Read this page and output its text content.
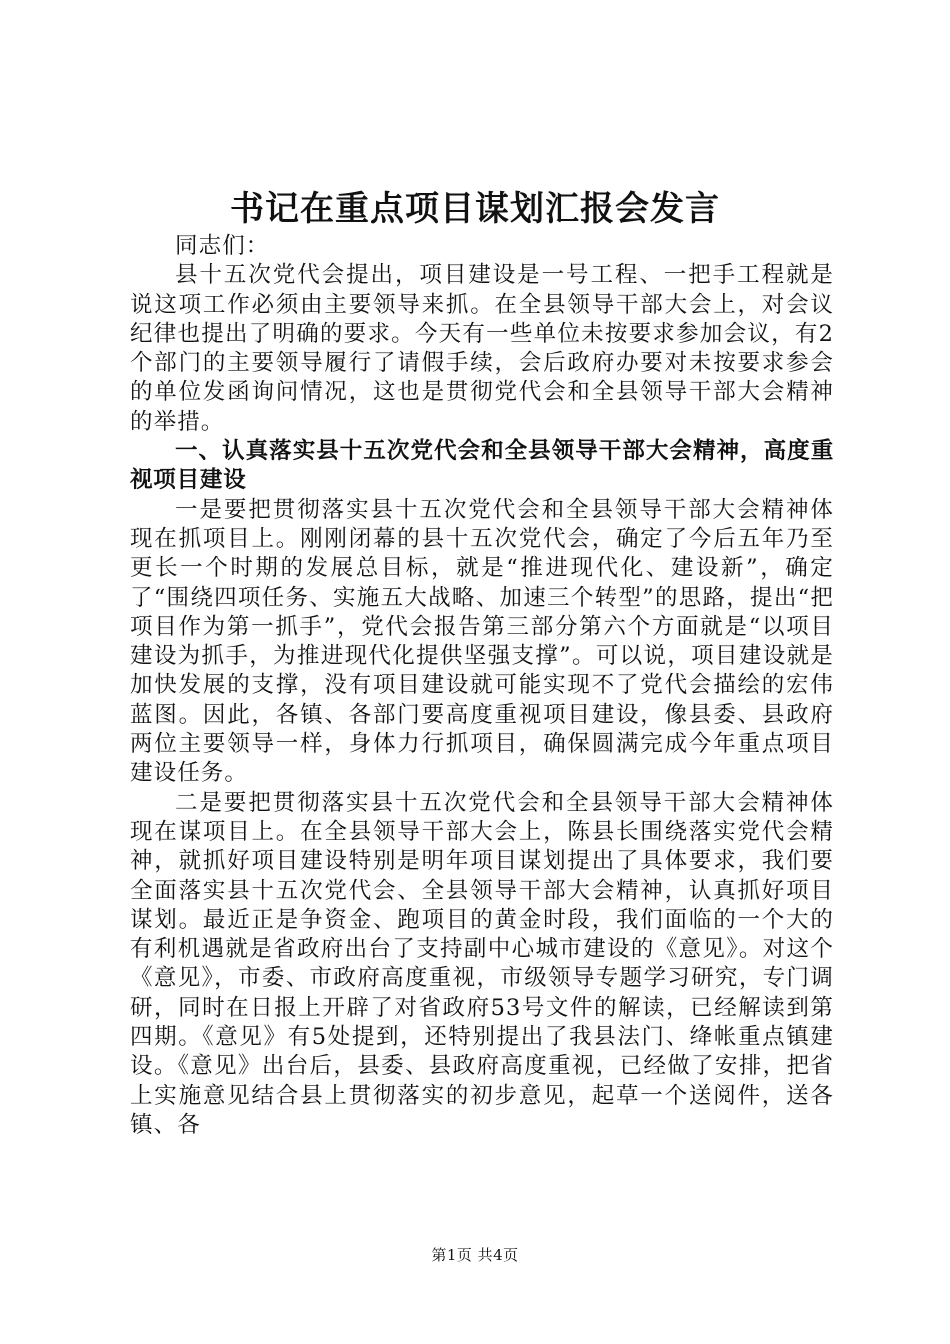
书记在重点项目谋划汇报会发言

同志们：

县十五次党代会提出，项目建设是一号工程、一把手工程就是说这项工作必须由主要领导来抓。在全县领导干部大会上，对会议纪律也提出了明确的要求。今天有一些单位未按要求参加会议，有2个部门的主要领导履行了请假手续，会后政府办要对未按要求参会的单位发函询问情况，这也是贯彻党代会和全县领导干部大会精神的举措。

一、认真落实县十五次党代会和全县领导干部大会精神，高度重视项目建设

一是要把贯彻落实县十五次党代会和全县领导干部大会精神体现在抓项目上。刚刚闭幕的县十五次党代会，确定了今后五年乃至更长一个时期的发展总目标，就是“推进现代化、建设新”，确定了“围绕四项任务、实施五大战略、加速三个转型”的思路，提出“把项目作为第一抓手”，党代会报告第三部分第六个方面就是“以项目建设为抓手，为推进现代化提供坚强支撑”。可以说，项目建设就是加快发展的支撑，没有项目建设就可能实现不了党代会描绘的宏伟蓝图。因此，各镇、各部门要高度重视项目建设，像县委、县政府两位主要领导一样，身体力行抓项目，确保圆满完成今年重点项目建设任务。

二是要把贯彻落实县十五次党代会和全县领导干部大会精神体现在谋项目上。在全县领导干部大会上，陈县长围绕落实党代会精神，就抓好项目建设特别是明年项目谋划提出了具体要求，我们要全面落实县十五次党代会、全县领导干部大会精神，认真抓好项目谋划。最近正是争资金、跑项目的黄金时段，我们面临的一个大的有利机遇就是省政府出台了支持副中心城市建设的《意见》。对这个《意见》，市委、市政府高度重视，市级领导专题学习研究，专门调研，同时在日报上开辟了对省政府53号文件的解读，已经解读到第四期。《意见》有5处提到，还特别提出了我县法门、绛帐重点镇建设。《意见》出台后，县委、县政府高度重视，已经做了安排，把省上实施意见结合县上贯彻落实的初步意见，起草一个送阅件，送各镇、各

第1页 共4页
